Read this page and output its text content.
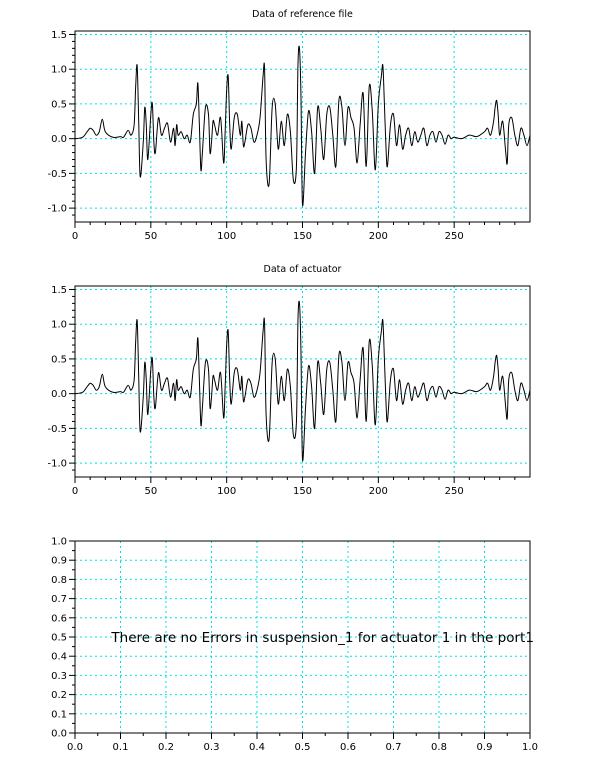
0	50	100	150	200	250
-1.0
-0.5
0.0
0.5
1.0
1.5
Data of reference file
0	50	100	150	200	250
-1.0
-0.5
0.0
0.5
1.0
1.5
Data of actuator
0.0	0.1	0.2	0.3	0.4	0.5	0.6	0.7	0.8	0.9	1.0
0.0
0.1
0.2
0.3
0.4
0.5
0.6
0.7
0.8
0.9
1.0
There are no Errors in suspension_1 for actuator 1 in the port1
